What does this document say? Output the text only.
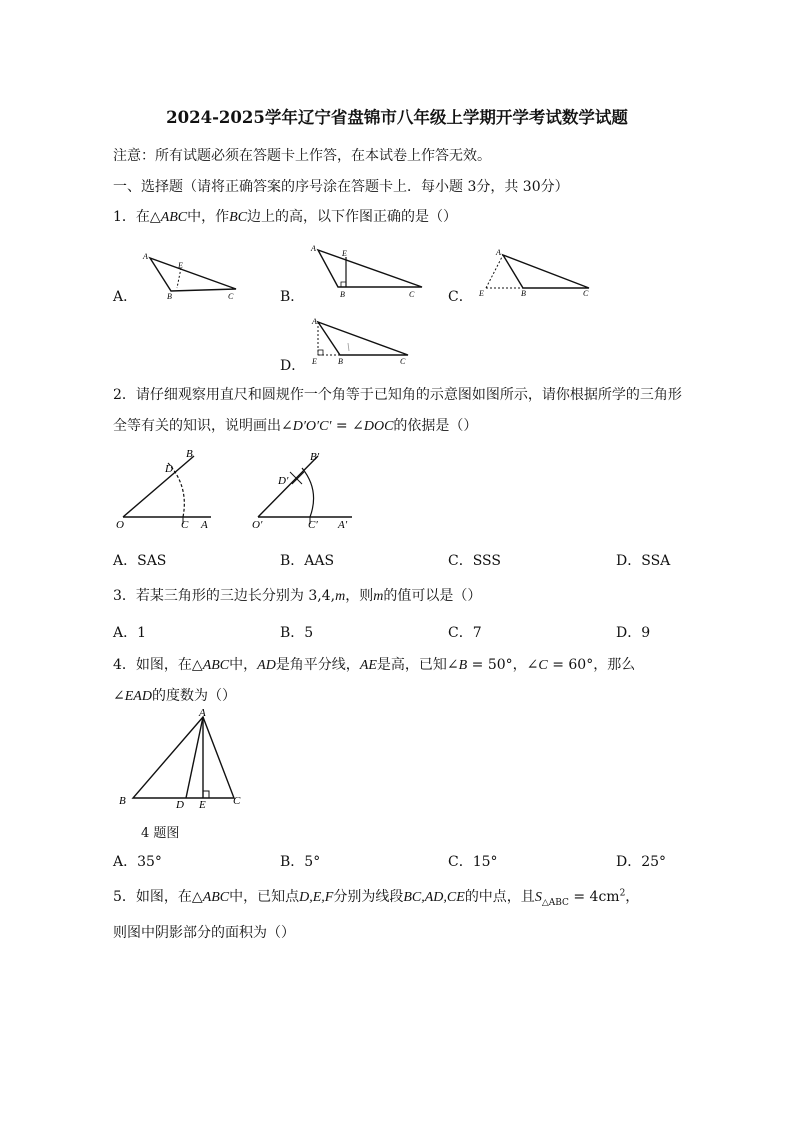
2024-2025学年辽宁省盘锦市八年级上学期开学考试数学试题
注意：所有试题必须在答题卡上作答，在本试卷上作答无效。
一、选择题（请将正确答案的序号涂在答题卡上．每小题 3分，共 30分）
1．在△ABC中，作BC边上的高，以下作图正确的是（）
A．
A
E
B	C	B．
A
E
B	C C．
A
E	B	C
D．
A
E	B	C
2．请仔细观察用直尺和圆规作一个角等于已知角的示意图如图所示，请你根据所学的三角形
全等有关的知识，说明画出∠D′O′C′ = ∠DOC的依据是（）
O	C A
B
D
O′	C′ A′
B′
D′
A．SAS	B．AAS	C．SSS	D．SSA
3．若某三角形的三边长分别为 3,4,m，则m的值可以是（）
A．1	B．5	C．7	D．9
4．如图，在△ABC中，AD是角平分线，AE是高，已知∠B = 50°，∠C = 60°，那么
∠EAD的度数为（）
A
B	D E C
4 题图
A．35°	B．5°	C．15°	D．25°
5．如图，在△ABC中，已知点D,E,F分别为线段BC,AD,CE的中点，且$S_{\triangle ABC} = 4cm^2$，
则图中阴影部分的面积为（）
